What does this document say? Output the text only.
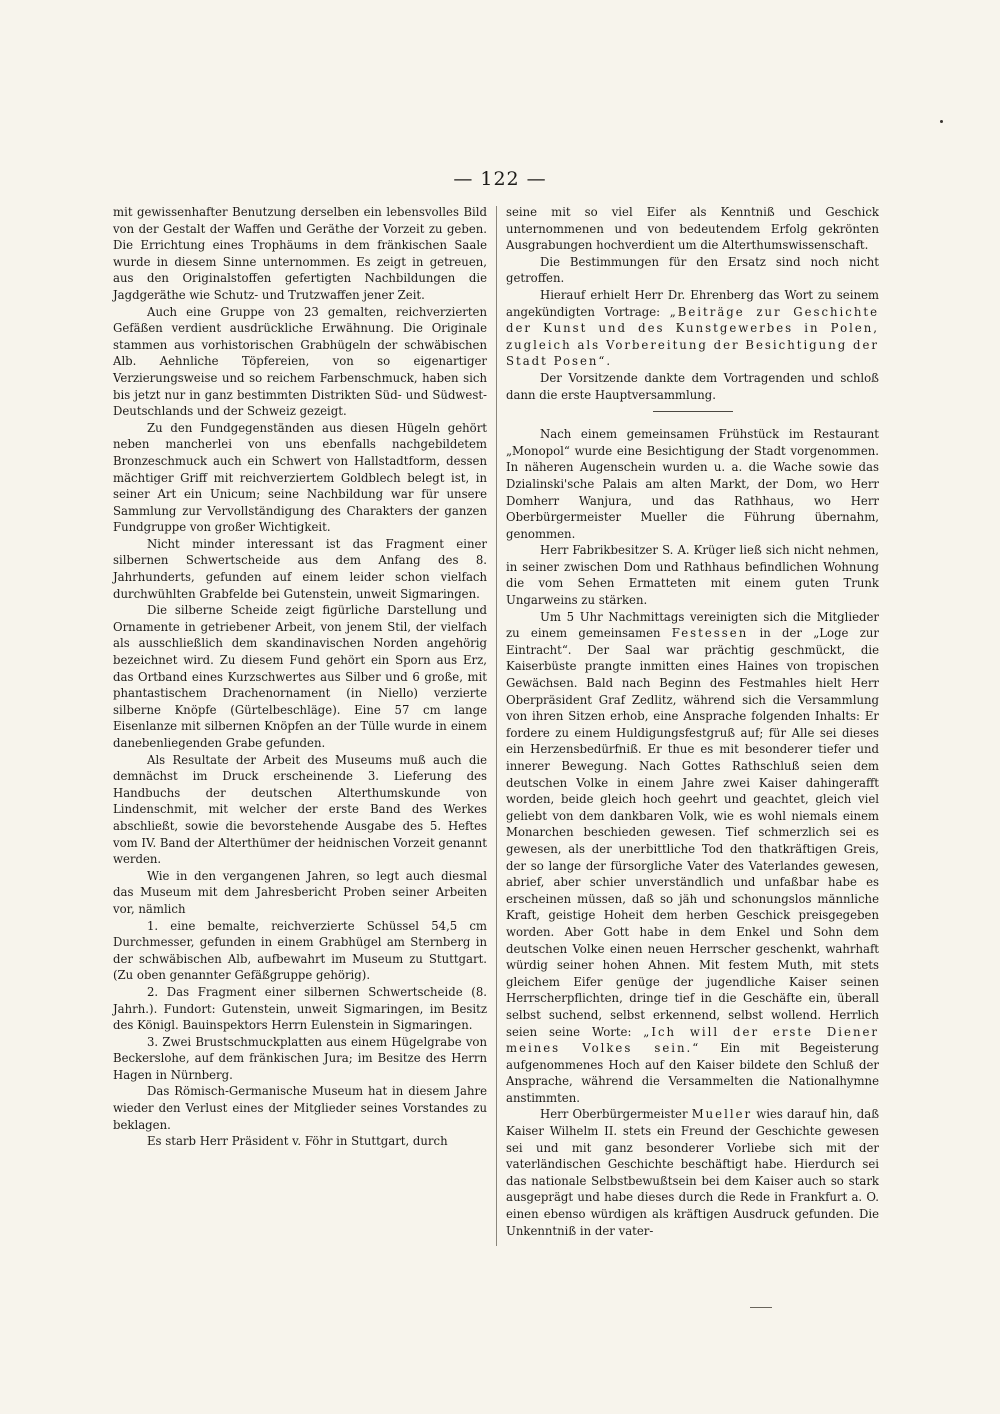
— 122 —

mit gewissenhafter Benutzung derselben ein lebensvolles Bild von der Gestalt der Waffen und Geräthe der Vorzeit zu geben. Die Errichtung eines Trophäums in dem fränkischen Saale wurde in diesem Sinne unternommen. Es zeigt in getreuen, aus den Originalstoffen gefertigten Nachbildungen die Jagdgeräthe wie Schutz- und Trutzwaffen jener Zeit.

Auch eine Gruppe von 23 gemalten, reichverzierten Gefäßen verdient ausdrückliche Erwähnung. Die Originale stammen aus vorhistorischen Grabhügeln der schwäbischen Alb. Aehnliche Töpfereien, von so eigenartiger Verzierungsweise und so reichem Farbenschmuck, haben sich bis jetzt nur in ganz bestimmten Distrikten Süd- und Südwest-Deutschlands und der Schweiz gezeigt.

Zu den Fundgegenständen aus diesen Hügeln gehört neben mancherlei von uns ebenfalls nachgebildetem Bronzeschmuck auch ein Schwert von Hallstadtform, dessen mächtiger Griff mit reichverziertem Goldblech belegt ist, in seiner Art ein Unicum; seine Nachbildung war für unsere Sammlung zur Vervollständigung des Charakters der ganzen Fundgruppe von großer Wichtigkeit.

Nicht minder interessant ist das Fragment einer silbernen Schwertscheide aus dem Anfang des 8. Jahrhunderts, gefunden auf einem leider schon vielfach durchwühlten Grabfelde bei Gutenstein, unweit Sigmaringen.

Die silberne Scheide zeigt figürliche Darstellung und Ornamente in getriebener Arbeit, von jenem Stil, der vielfach als ausschließlich dem skandinavischen Norden angehörig bezeichnet wird. Zu diesem Fund gehört ein Sporn aus Erz, das Ortband eines Kurzschwertes aus Silber und 6 große, mit phantastischem Drachenornament (in Niello) verzierte silberne Knöpfe (Gürtelbeschläge). Eine 57 cm lange Eisenlanze mit silbernen Knöpfen an der Tülle wurde in einem danebenliegenden Grabe gefunden.

Als Resultate der Arbeit des Museums muß auch die demnächst im Druck erscheinende 3. Lieferung des Handbuchs der deutschen Alterthumskunde von Lindenschmit, mit welcher der erste Band des Werkes abschließt, sowie die bevorstehende Ausgabe des 5. Heftes vom IV. Band der Alterthümer der heidnischen Vorzeit genannt werden.

Wie in den vergangenen Jahren, so legt auch diesmal das Museum mit dem Jahresbericht Proben seiner Arbeiten vor, nämlich

1. eine bemalte, reichverzierte Schüssel 54,5 cm Durchmesser, gefunden in einem Grabhügel am Sternberg in der schwäbischen Alb, aufbewahrt im Museum zu Stuttgart. (Zu oben genannter Gefäßgruppe gehörig).

2. Das Fragment einer silbernen Schwertscheide (8. Jahrh.). Fundort: Gutenstein, unweit Sigmaringen, im Besitz des Königl. Bauinspektors Herrn Eulenstein in Sigmaringen.

3. Zwei Brustschmuckplatten aus einem Hügelgrabe von Beckerslohe, auf dem fränkischen Jura; im Besitze des Herrn Hagen in Nürnberg.

Das Römisch-Germanische Museum hat in diesem Jahre wieder den Verlust eines der Mitglieder seines Vorstandes zu beklagen.

Es starb Herr Präsident v. Föhr in Stuttgart, durch

seine mit so viel Eifer als Kenntniß und Geschick unternommenen und von bedeutendem Erfolg gekrönten Ausgrabungen hochverdient um die Alterthumswissenschaft.

Die Bestimmungen für den Ersatz sind noch nicht getroffen.

Hierauf erhielt Herr Dr. Ehrenberg das Wort zu seinem angekündigten Vortrage: „Beiträge zur Geschichte der Kunst und des Kunstgewerbes in Polen, zugleich als Vorbereitung der Besichtigung der Stadt Posen“.

Der Vorsitzende dankte dem Vortragenden und schloß dann die erste Hauptversammlung.

Nach einem gemeinsamen Frühstück im Restaurant „Monopol“ wurde eine Besichtigung der Stadt vorgenommen. In näheren Augenschein wurden u. a. die Wache sowie das Dzialinski'sche Palais am alten Markt, der Dom, wo Herr Domherr Wanjura, und das Rathhaus, wo Herr Oberbürgermeister Mueller die Führung übernahm, genommen.

Herr Fabrikbesitzer S. A. Krüger ließ sich nicht nehmen, in seiner zwischen Dom und Rathhaus befindlichen Wohnung die vom Sehen Ermatteten mit einem guten Trunk Ungarweins zu stärken.

Um 5 Uhr Nachmittags vereinigten sich die Mitglieder zu einem gemeinsamen Festessen in der „Loge zur Eintracht“. Der Saal war prächtig geschmückt, die Kaiserbüste prangte inmitten eines Haines von tropischen Gewächsen. Bald nach Beginn des Festmahles hielt Herr Oberpräsident Graf Zedlitz, während sich die Versammlung von ihren Sitzen erhob, eine Ansprache folgenden Inhalts: Er fordere zu einem Huldigungsfestgruß auf; für Alle sei dieses ein Herzensbedürfniß. Er thue es mit besonderer tiefer und innerer Bewegung. Nach Gottes Rathschluß seien dem deutschen Volke in einem Jahre zwei Kaiser dahingerafft worden, beide gleich hoch geehrt und geachtet, gleich viel geliebt von dem dankbaren Volk, wie es wohl niemals einem Monarchen beschieden gewesen. Tief schmerzlich sei es gewesen, als der unerbittliche Tod den thatkräftigen Greis, der so lange der fürsorgliche Vater des Vaterlandes gewesen, abrief, aber schier unverständlich und unfaßbar habe es erscheinen müssen, daß so jäh und schonungslos männliche Kraft, geistige Hoheit dem herben Geschick preisgegeben worden. Aber Gott habe in dem Enkel und Sohn dem deutschen Volke einen neuen Herrscher geschenkt, wahrhaft würdig seiner hohen Ahnen. Mit festem Muth, mit stets gleichem Eifer genüge der jugendliche Kaiser seinen Herrscherpflichten, dringe tief in die Geschäfte ein, überall selbst suchend, selbst erkennend, selbst wollend. Herrlich seien seine Worte: „Ich will der erste Diener meines Volkes sein.“ Ein mit Begeisterung aufgenommenes Hoch auf den Kaiser bildete den Schluß der Ansprache, während die Versammelten die Nationalhymne anstimmten.

Herr Oberbürgermeister Mueller wies darauf hin, daß Kaiser Wilhelm II. stets ein Freund der Geschichte gewesen sei und mit ganz besonderer Vorliebe sich mit der vaterländischen Geschichte beschäftigt habe. Hierdurch sei das nationale Selbstbewußtsein bei dem Kaiser auch so stark ausgeprägt und habe dieses durch die Rede in Frankfurt a. O. einen ebenso würdigen als kräftigen Ausdruck gefunden. Die Unkenntniß in der vater-
